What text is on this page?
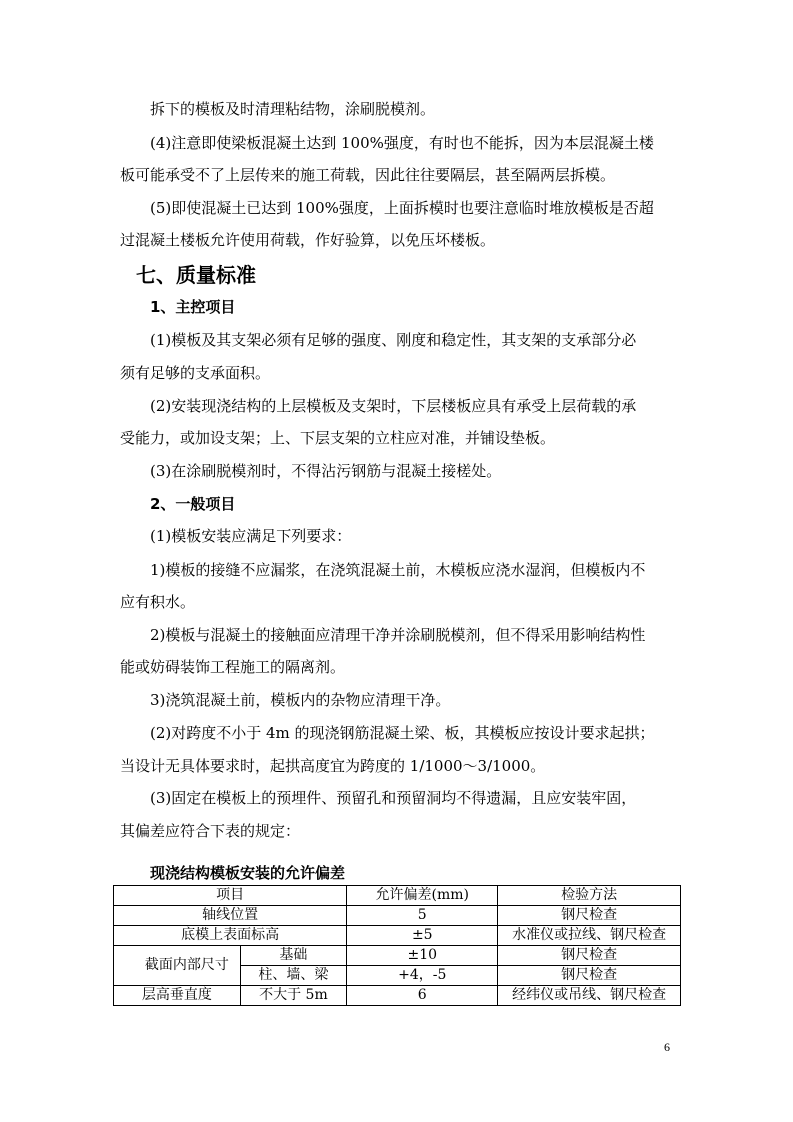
拆下的模板及时清理粘结物，涂刷脱模剂。
(4)注意即使梁板混凝土达到 100%强度，有时也不能拆，因为本层混凝土楼
板可能承受不了上层传来的施工荷载，因此往往要隔层，甚至隔两层拆模。
(5)即使混凝土已达到 100%强度，上面拆模时也要注意临时堆放模板是否超
过混凝土楼板允许使用荷载，作好验算，以免压坏楼板。
七、质量标准
1、主控项目
(1)模板及其支架必须有足够的强度、刚度和稳定性，其支架的支承部分必
须有足够的支承面积。
(2)安装现浇结构的上层模板及支架时，下层楼板应具有承受上层荷载的承
受能力，或加设支架；上、下层支架的立柱应对准，并铺设垫板。
(3)在涂刷脱模剂时，不得沾污钢筋与混凝土接槎处。
2、一般项目
(1)模板安装应满足下列要求：
1)模板的接缝不应漏浆，在浇筑混凝土前，木模板应浇水湿润，但模板内不
应有积水。
2)模板与混凝土的接触面应清理干净并涂刷脱模剂，但不得采用影响结构性
能或妨碍装饰工程施工的隔离剂。
3)浇筑混凝土前，模板内的杂物应清理干净。
(2)对跨度不小于 4m 的现浇钢筋混凝土梁、板，其模板应按设计要求起拱；
当设计无具体要求时，起拱高度宜为跨度的 1/1000～3/1000。
(3)固定在模板上的预埋件、预留孔和预留洞均不得遗漏，且应安装牢固，
其偏差应符合下表的规定：
现浇结构模板安装的允许偏差
项目		允许偏差(mm)	检验方法
轴线位置		5	钢尺检查
底模上表面标高		±5	水准仪或拉线、钢尺检查
截面内部尺寸	基础	±10	钢尺检查
	柱、墙、梁	+4，-5	钢尺检查
层高垂直度	不大于 5m	6	经纬仪或吊线、钢尺检查
6
